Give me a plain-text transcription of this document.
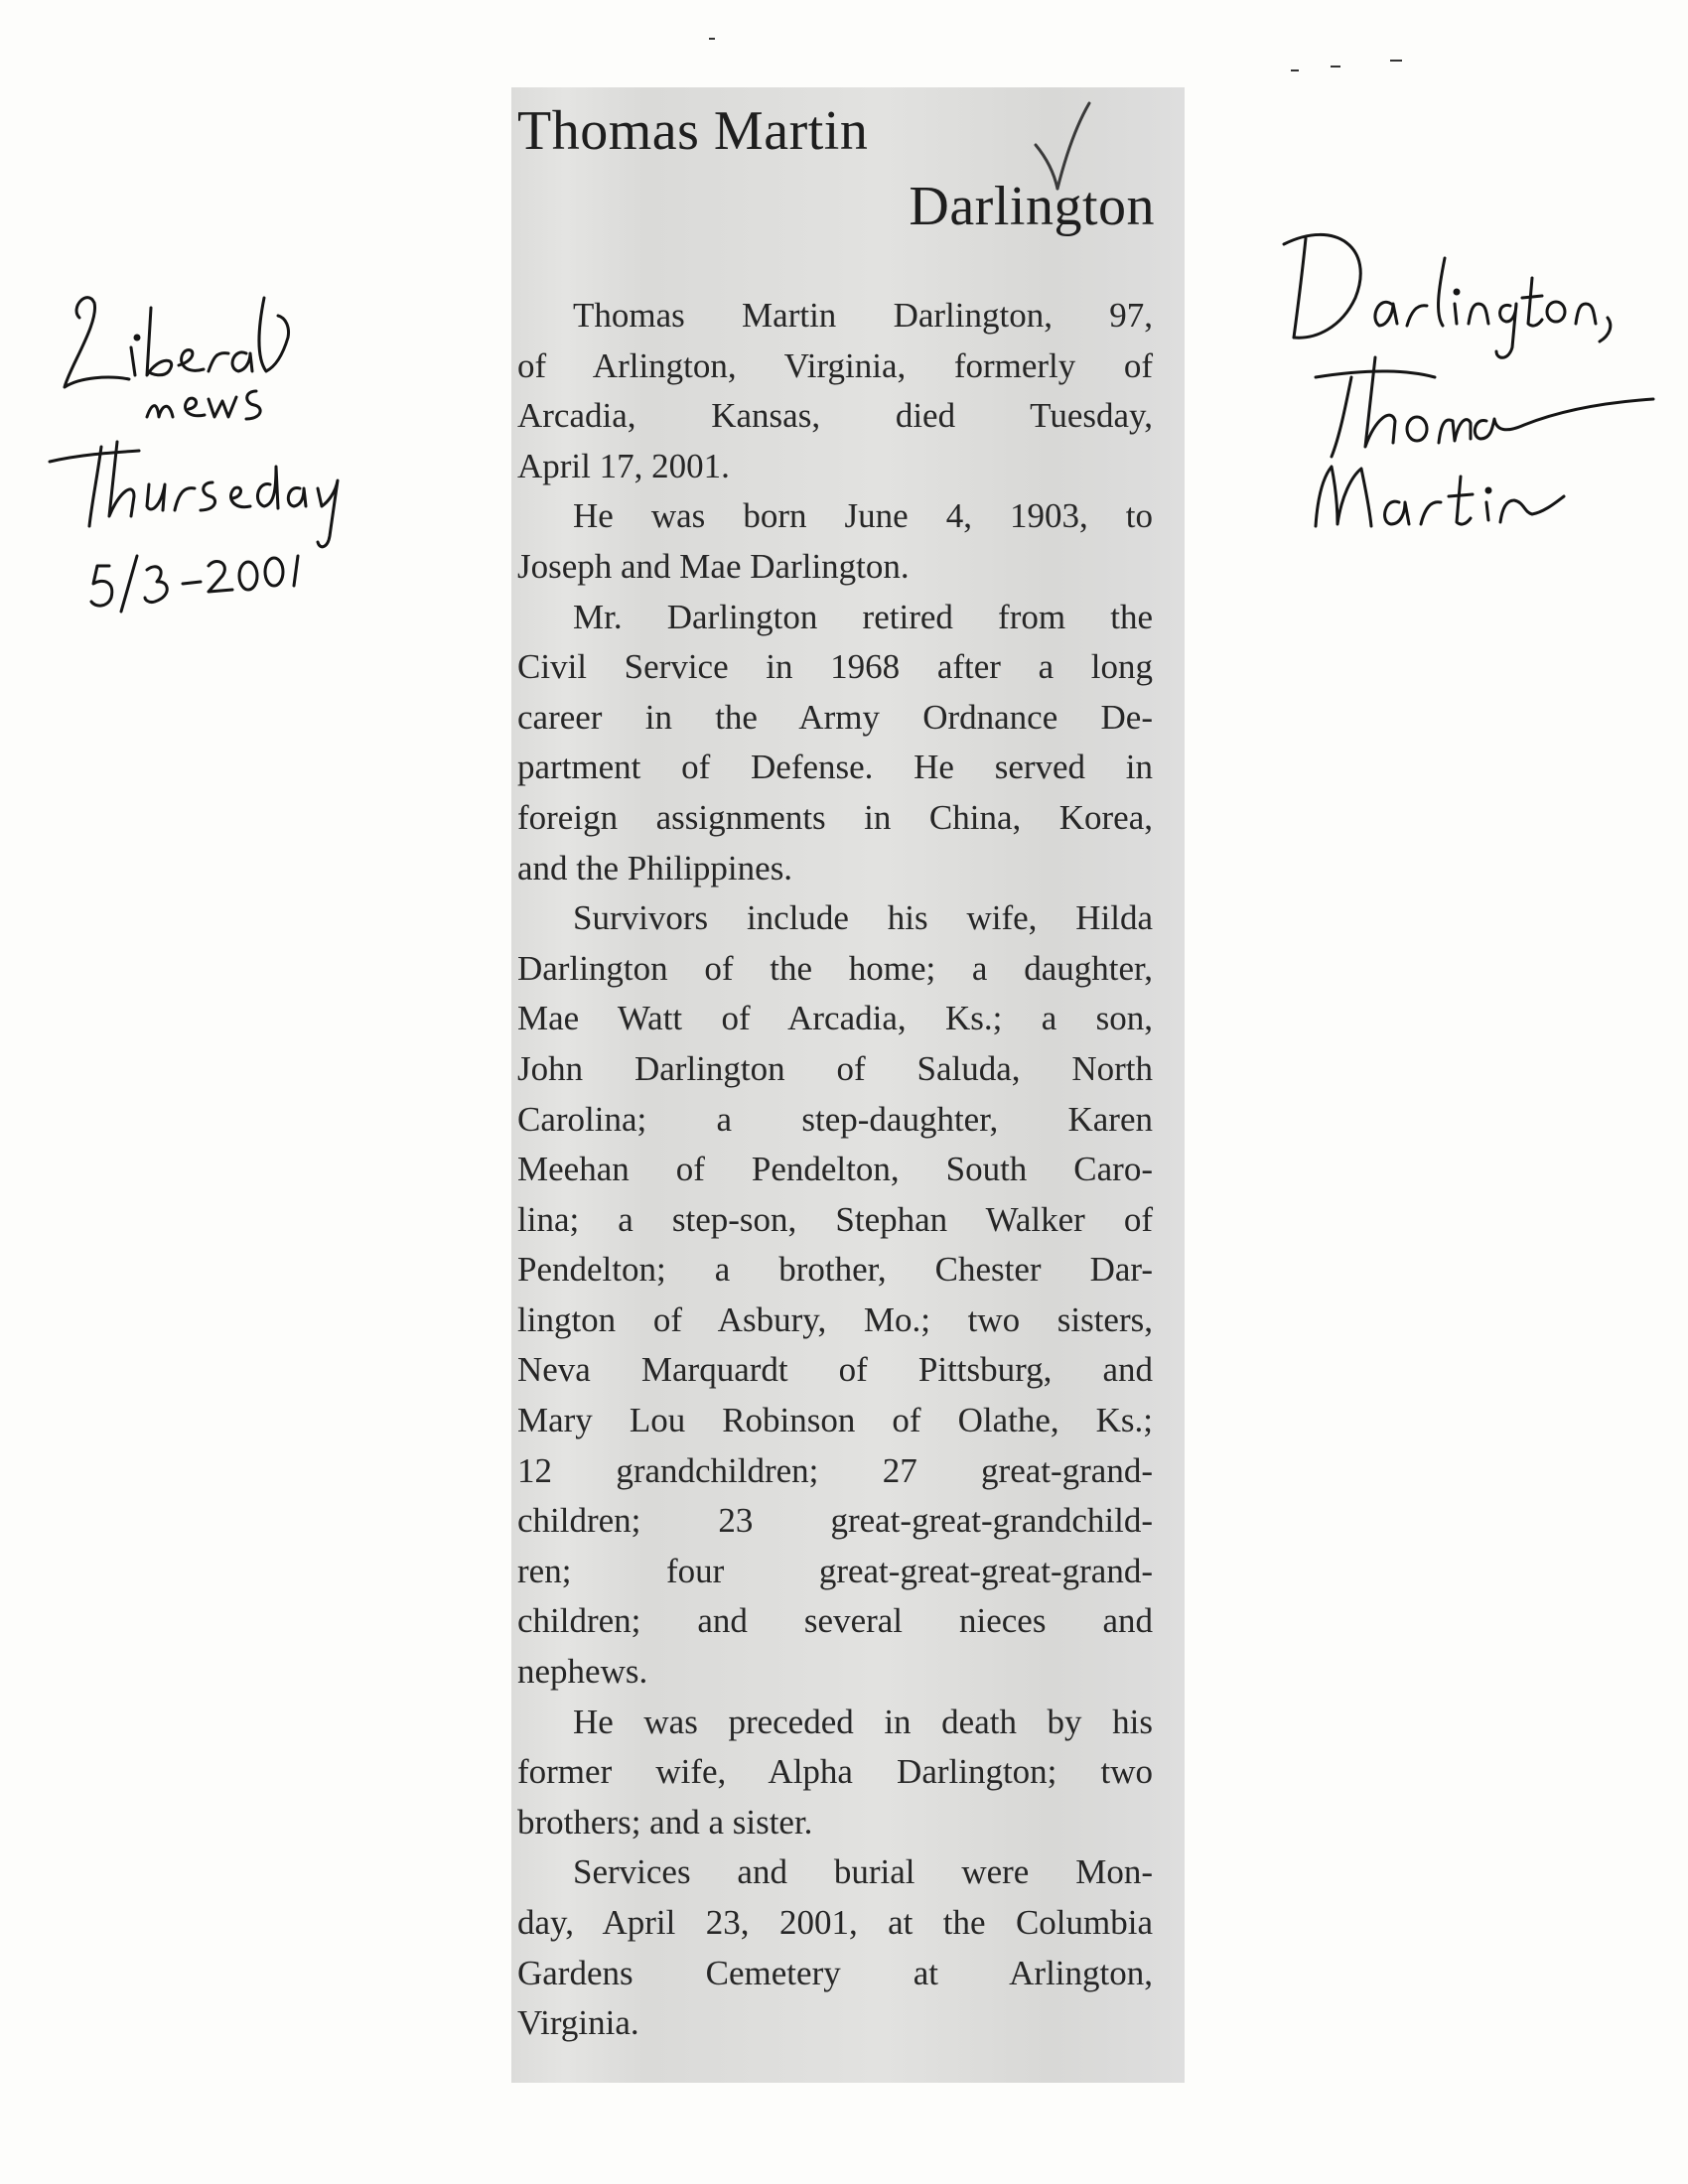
Thomas Martin
Darlington

Thomas Martin Darlington, 97,
of Arlington, Virginia, formerly of
Arcadia, Kansas, died Tuesday,
April 17, 2001.

He was born June 4, 1903, to
Joseph and Mae Darlington.

Mr. Darlington retired from the
Civil Service in 1968 after a long
career in the Army Ordnance De-
partment of Defense. He served in
foreign assignments in China, Korea,
and the Philippines.

Survivors include his wife, Hilda
Darlington of the home; a daughter,
Mae Watt of Arcadia, Ks.; a son,
John Darlington of Saluda, North
Carolina; a step-daughter, Karen
Meehan of Pendelton, South Caro-
lina; a step-son, Stephan Walker of
Pendelton; a brother, Chester Dar-
lington of Asbury, Mo.; two sisters,
Neva Marquardt of Pittsburg, and
Mary Lou Robinson of Olathe, Ks.;
12 grandchildren; 27 great-grand-
children; 23 great-great-grandchild-
ren; four great-great-great-grand-
children; and several nieces and
nephews.

He was preceded in death by his
former wife, Alpha Darlington; two
brothers; and a sister.

Services and burial were Mon-
day, April 23, 2001, at the Columbia
Gardens Cemetery at Arlington,
Virginia.
